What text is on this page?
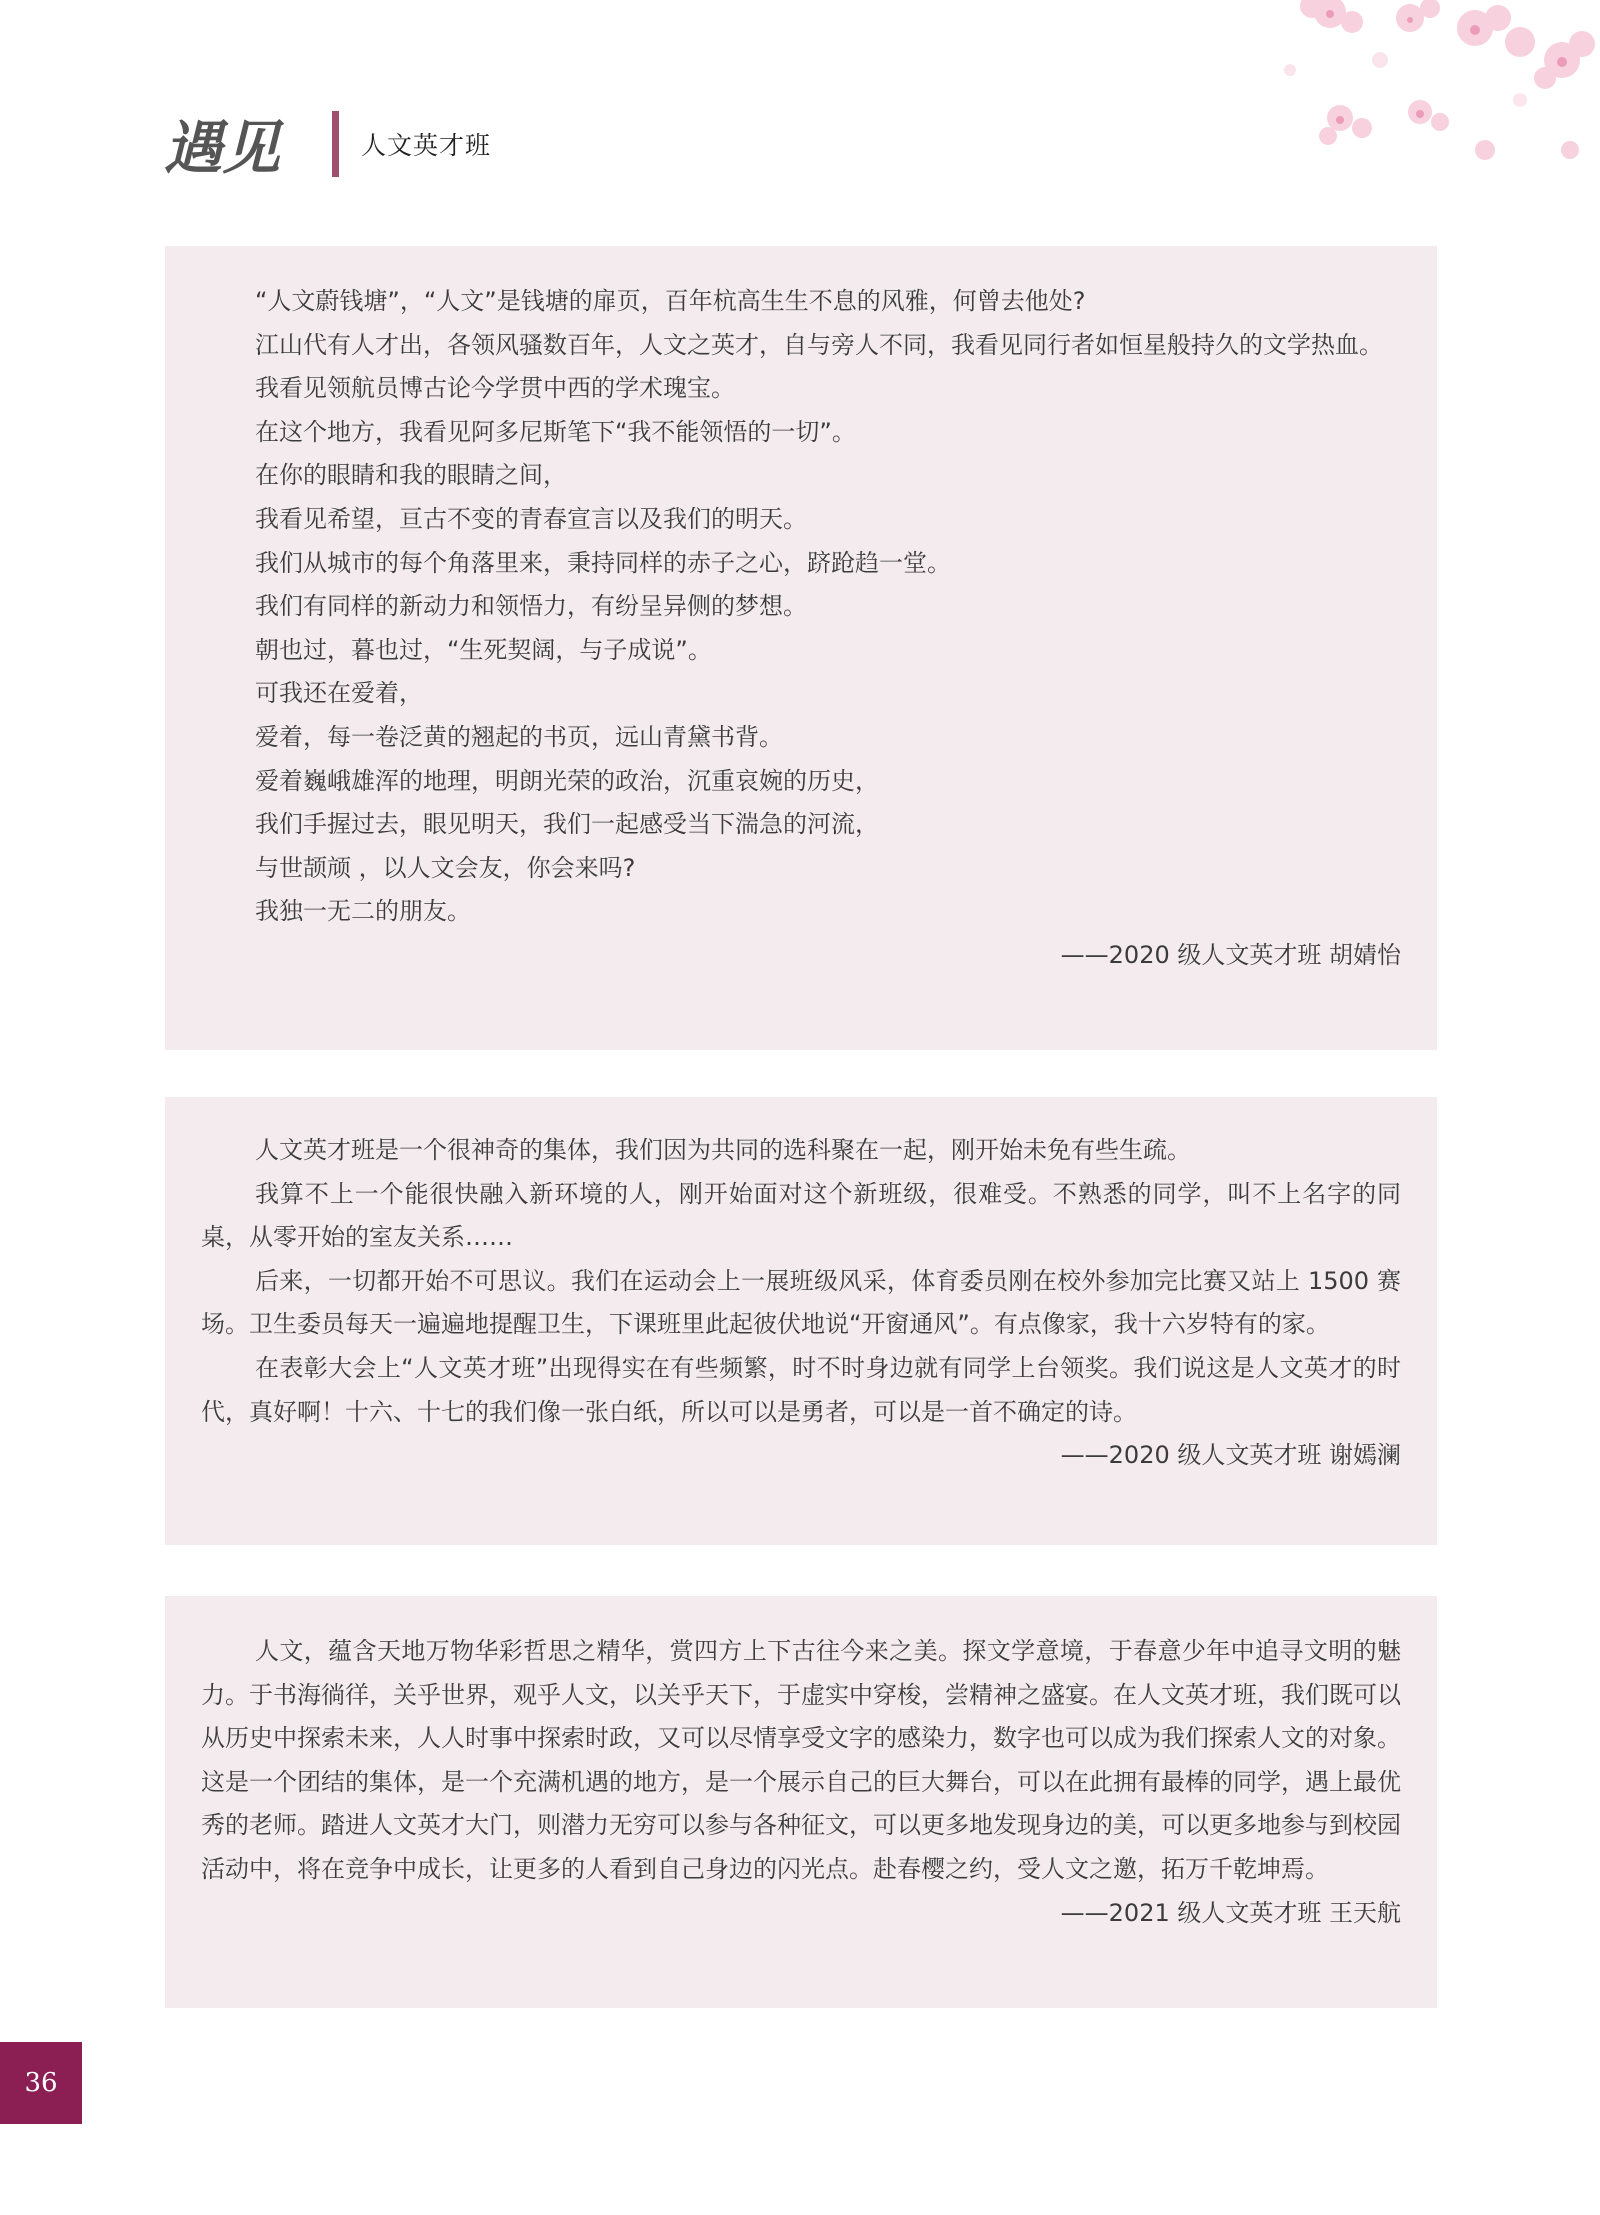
遇见	人文英才班

“人文蔚钱塘”，“人文”是钱塘的扉页，百年杭高生生不息的风雅，何曾去他处?

江山代有人才出，各领风骚数百年，人文之英才，自与旁人不同，我看见同行者如恒星般持久的文学热血。

我看见领航员博古论今学贯中西的学术瑰宝。

在这个地方，我看见阿多尼斯笔下“我不能领悟的一切”。

在你的眼睛和我的眼睛之间，

我看见希望，亘古不变的青春宣言以及我们的明天。

我们从城市的每个角落里来，秉持同样的赤子之心，跻跄趋一堂。

我们有同样的新动力和领悟力，有纷呈异侧的梦想。

朝也过，暮也过，“生死契阔，与子成说”。

可我还在爱着，

爱着，每一卷泛黄的翘起的书页，远山青黛书背。

爱着巍峨雄浑的地理，明朗光荣的政治，沉重哀婉的历史，

我们手握过去，眼见明天，我们一起感受当下湍急的河流，

与世颉颃 ，以人文会友，你会来吗?

我独一无二的朋友。

——2020 级人文英才班 胡婧怡

人文英才班是一个很神奇的集体，我们因为共同的选科聚在一起，刚开始未免有些生疏。

我算不上一个能很快融入新环境的人，刚开始面对这个新班级，很难受。不熟悉的同学，叫不上名字的同桌，从零开始的室友关系……

后来，一切都开始不可思议。我们在运动会上一展班级风采，体育委员刚在校外参加完比赛又站上 1500 赛场。卫生委员每天一遍遍地提醒卫生，下课班里此起彼伏地说“开窗通风”。有点像家，我十六岁特有的家。

在表彰大会上“人文英才班”出现得实在有些频繁，时不时身边就有同学上台领奖。我们说这是人文英才的时代，真好啊！十六、十七的我们像一张白纸，所以可以是勇者，可以是一首不确定的诗。

——2020 级人文英才班 谢嫣澜

人文，蕴含天地万物华彩哲思之精华，赏四方上下古往今来之美。探文学意境，于春意少年中追寻文明的魅力。于书海徜徉，关乎世界，观乎人文，以关乎天下，于虚实中穿梭，尝精神之盛宴。在人文英才班，我们既可以从历史中探索未来，人人时事中探索时政，又可以尽情享受文字的感染力，数字也可以成为我们探索人文的对象。这是一个团结的集体，是一个充满机遇的地方，是一个展示自己的巨大舞台，可以在此拥有最棒的同学，遇上最优秀的老师。踏进人文英才大门，则潜力无穷可以参与各种征文，可以更多地发现身边的美，可以更多地参与到校园活动中，将在竞争中成长，让更多的人看到自己身边的闪光点。赴春樱之约，受人文之邀，拓万千乾坤焉。

——2021 级人文英才班 王天航

36
